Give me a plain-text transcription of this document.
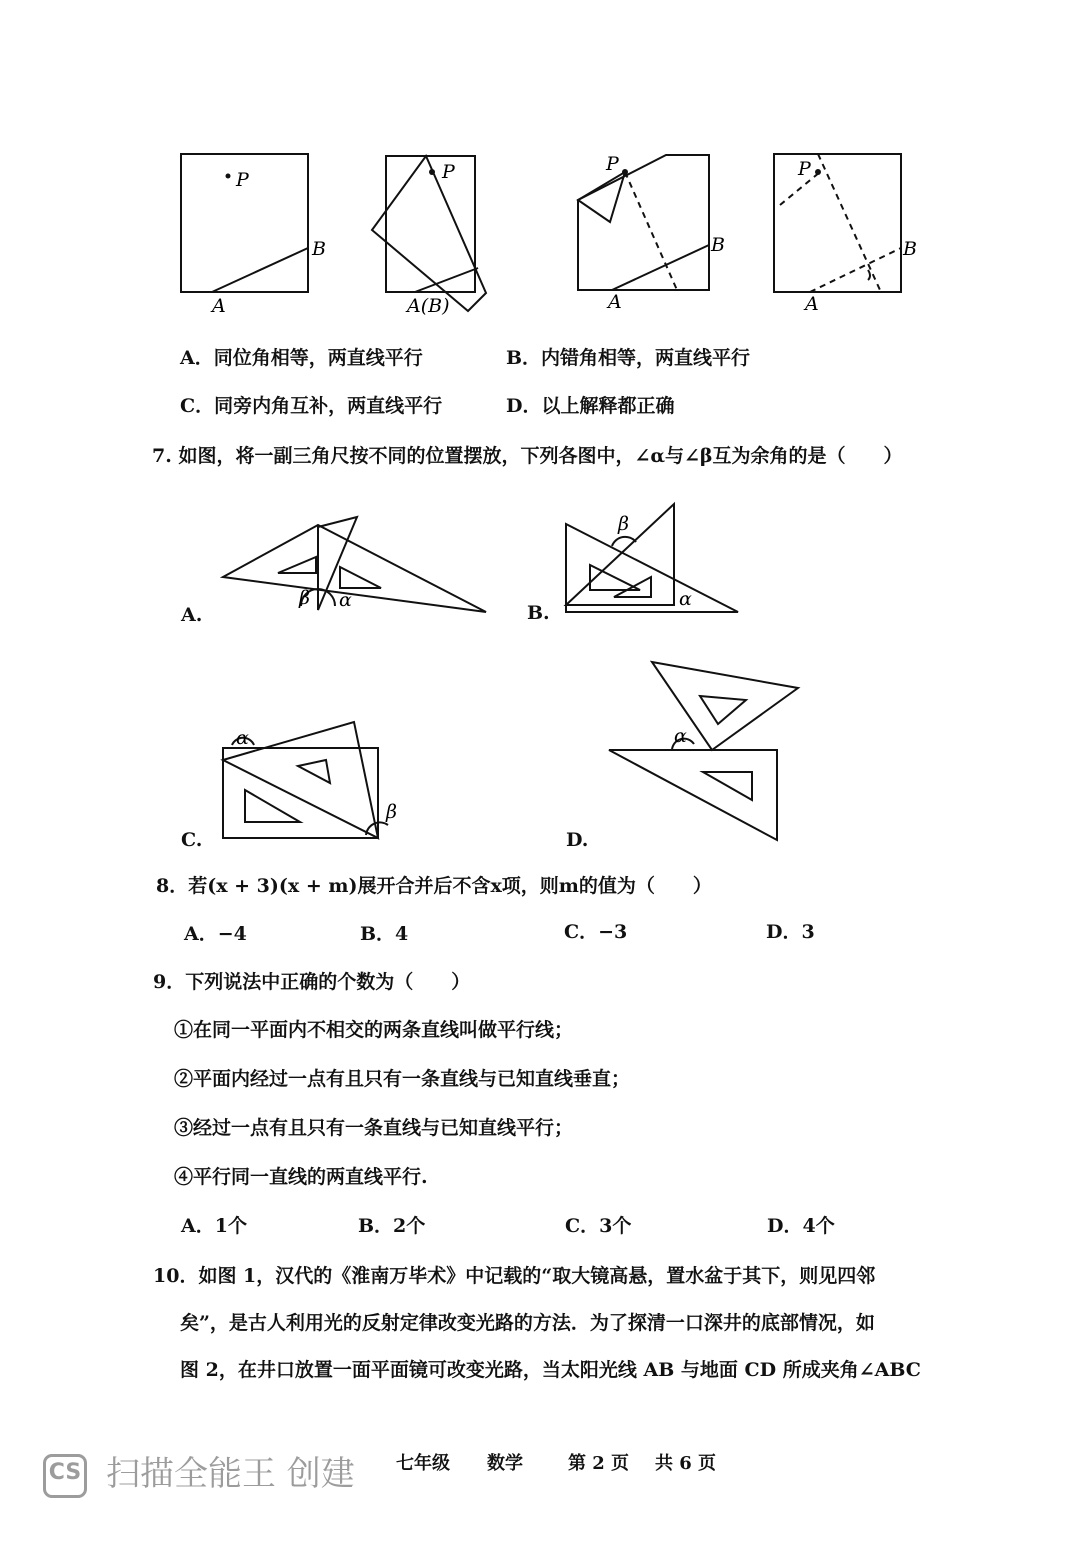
P
B
A
P
A(B)
P
B
A
P
B
A
A．同位角相等，两直线平行	B．内错角相等，两直线平行
C．同旁内角互补，两直线平行	D．以上解释都正确
7. 如图，将一副三角尺按不同的位置摆放，下列各图中，∠α与∠β互为余角的是（　　）
β α
β
α
α
β
α
A.	B.
C.	D.
8．若(x + 3)(x + m)展开合并后不含x项，则m的值为（　　）
A．−4	B．4	C．−3	D．3
9．下列说法中正确的个数为（　　）
①在同一平面内不相交的两条直线叫做平行线；
②平面内经过一点有且只有一条直线与已知直线垂直；
③经过一点有且只有一条直线与已知直线平行；
④平行同一直线的两直线平行.
A．1个	B．2个	C．3个	D．4个
10．如图 1，汉代的《淮南万毕术》中记载的“取大镜高悬，置水盆于其下，则见四邻
矣”，是古人利用光的反射定律改变光路的方法．为了探清一口深井的底部情况，如
图 2，在井口放置一面平面镜可改变光路，当太阳光线 AB 与地面 CD 所成夹角∠ABC
七年级 数学	第 2 页 共 6 页
CS 扫描全能王 创建
